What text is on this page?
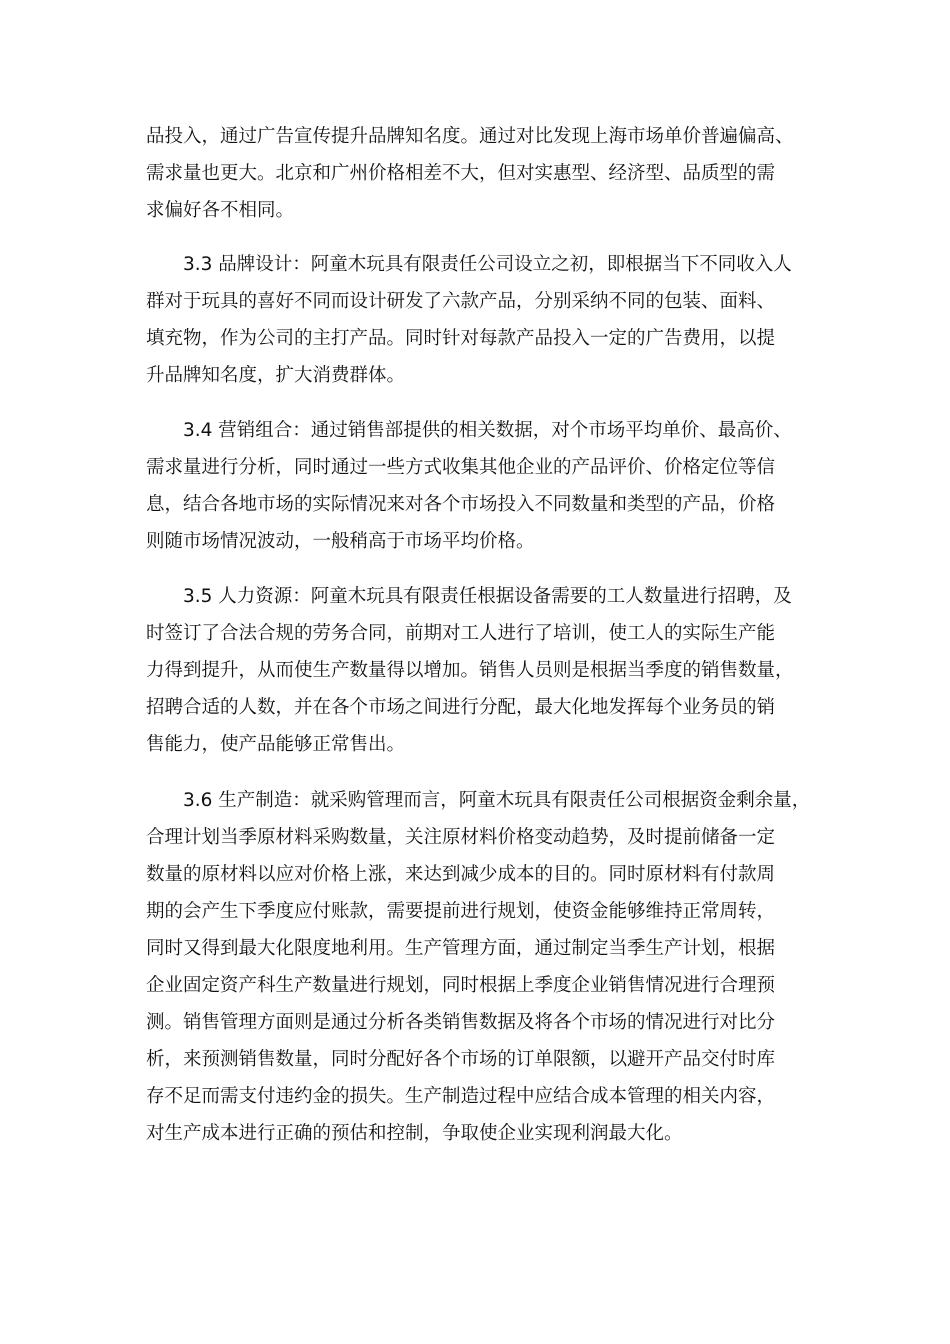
品投入，通过广告宣传提升品牌知名度。通过对比发现上海市场单价普遍偏高、
需求量也更大。北京和广州价格相差不大，但对实惠型、经济型、品质型的需
求偏好各不相同。
3.3 品牌设计：阿童木玩具有限责任公司设立之初，即根据当下不同收入人
群对于玩具的喜好不同而设计研发了六款产品，分别采纳不同的包装、面料、
填充物，作为公司的主打产品。同时针对每款产品投入一定的广告费用，以提
升品牌知名度，扩大消费群体。
3.4 营销组合：通过销售部提供的相关数据，对个市场平均单价、最高价、
需求量进行分析，同时通过一些方式收集其他企业的产品评价、价格定位等信
息，结合各地市场的实际情况来对各个市场投入不同数量和类型的产品，价格
则随市场情况波动，一般稍高于市场平均价格。
3.5 人力资源：阿童木玩具有限责任根据设备需要的工人数量进行招聘，及
时签订了合法合规的劳务合同，前期对工人进行了培训，使工人的实际生产能
力得到提升，从而使生产数量得以增加。销售人员则是根据当季度的销售数量，
招聘合适的人数，并在各个市场之间进行分配，最大化地发挥每个业务员的销
售能力，使产品能够正常售出。
3.6 生产制造：就采购管理而言，阿童木玩具有限责任公司根据资金剩余量，
合理计划当季原材料采购数量，关注原材料价格变动趋势，及时提前储备一定
数量的原材料以应对价格上涨，来达到减少成本的目的。同时原材料有付款周
期的会产生下季度应付账款，需要提前进行规划，使资金能够维持正常周转，
同时又得到最大化限度地利用。生产管理方面，通过制定当季生产计划，根据
企业固定资产科生产数量进行规划，同时根据上季度企业销售情况进行合理预
测。销售管理方面则是通过分析各类销售数据及将各个市场的情况进行对比分
析，来预测销售数量，同时分配好各个市场的订单限额，以避开产品交付时库
存不足而需支付违约金的损失。生产制造过程中应结合成本管理的相关内容，
对生产成本进行正确的预估和控制，争取使企业实现利润最大化。
